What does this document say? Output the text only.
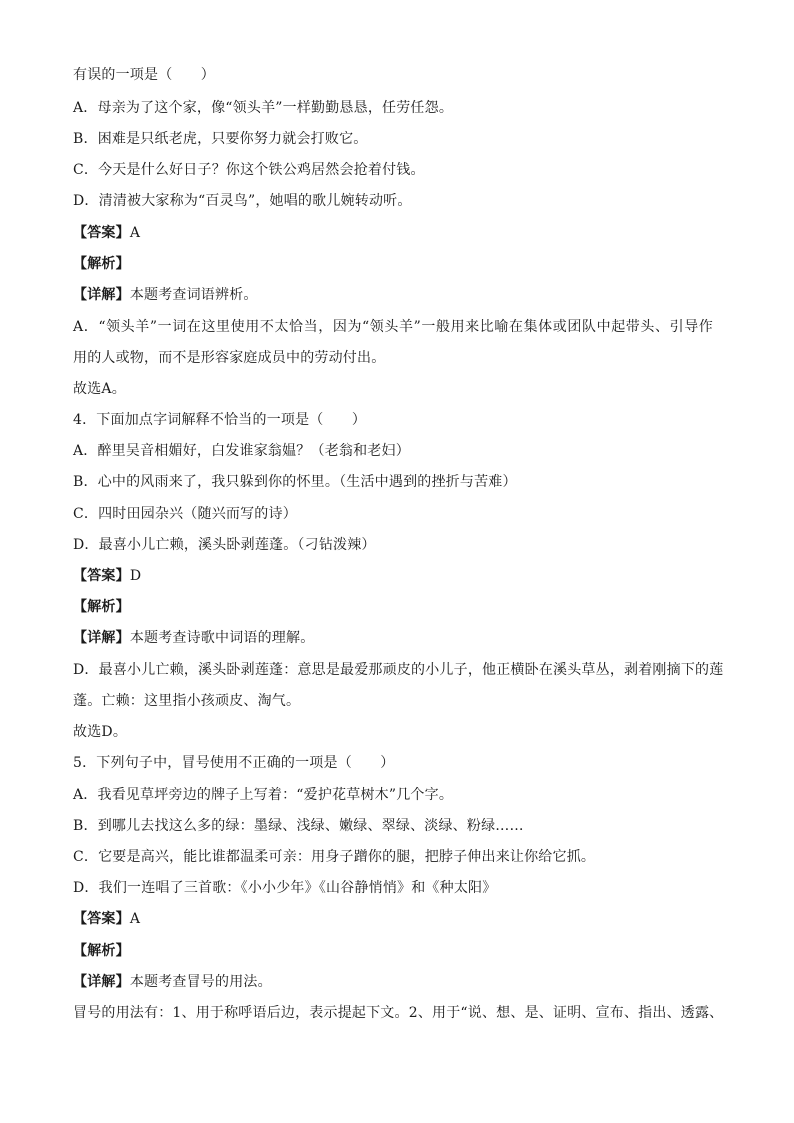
有误的一项是（　　）
A．母亲为了这个家，像“领头羊”一样勤勤恳恳，任劳任怨。
B．困难是只纸老虎，只要你努力就会打败它。
C．今天是什么好日子？你这个铁公鸡居然会抢着付钱。
D．清清被大家称为“百灵鸟”，她唱的歌儿婉转动听。
【答案】A
【解析】
【详解】本题考查词语辨析。
A．“领头羊”一词在这里使用不太恰当，因为“领头羊”一般用来比喻在集体或团队中起带头、引导作
用的人或物，而不是形容家庭成员中的劳动付出。
故选A。
4．下面加点字词解释不恰当的一项是（　　）
A．醉里吴音相媚好，白发谁家翁媪？（老翁和老妇）
B．心中的风雨来了，我只躲到你的怀里。（生活中遇到的挫折与苦难）
C．四时田园杂兴（随兴而写的诗）
D．最喜小儿亡赖，溪头卧剥莲蓬。（刁钻泼辣）
【答案】D
【解析】
【详解】本题考查诗歌中词语的理解。
D．最喜小儿亡赖，溪头卧剥莲蓬：意思是最爱那顽皮的小儿子，他正横卧在溪头草丛，剥着刚摘下的莲
蓬。亡赖：这里指小孩顽皮、淘气。
故选D。
5．下列句子中，冒号使用不正确的一项是（　　）
A．我看见草坪旁边的牌子上写着：“爱护花草树木”几个字。
B．到哪儿去找这么多的绿：墨绿、浅绿、嫩绿、翠绿、淡绿、粉绿……
C．它要是高兴，能比谁都温柔可亲：用身子蹭你的腿，把脖子伸出来让你给它抓。
D．我们一连唱了三首歌：《小小少年》《山谷静悄悄》和《种太阳》
【答案】A
【解析】
【详解】本题考查冒号的用法。
冒号的用法有：1、用于称呼语后边，表示提起下文。2、用于“说、想、是、证明、宣布、指出、透露、
